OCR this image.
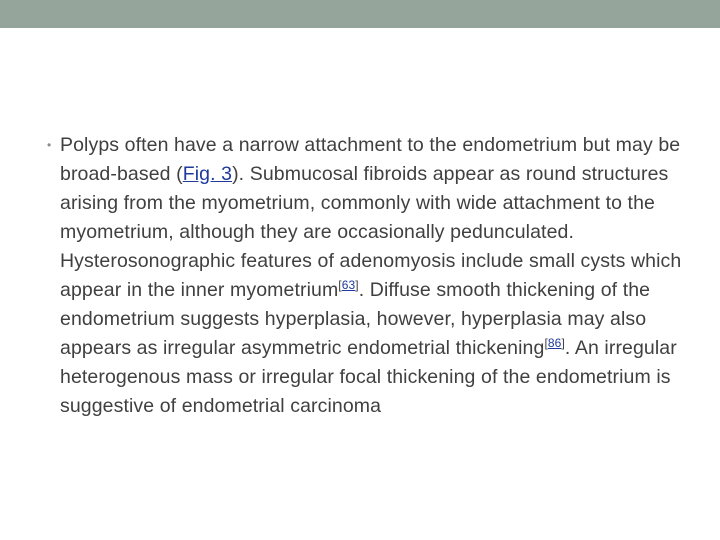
• Polyps often have a narrow attachment to the endometrium but may be broad-based (Fig. 3). Submucosal fibroids appear as round structures arising from the myometrium, commonly with wide attachment to the myometrium, although they are occasionally pedunculated. Hysterosonographic features of adenomyosis include small cysts which appear in the inner myometrium[63]. Diffuse smooth thickening of the endometrium suggests hyperplasia, however, hyperplasia may also appears as irregular asymmetric endometrial thickening[86]. An irregular heterogenous mass or irregular focal thickening of the endometrium is suggestive of endometrial carcinoma
